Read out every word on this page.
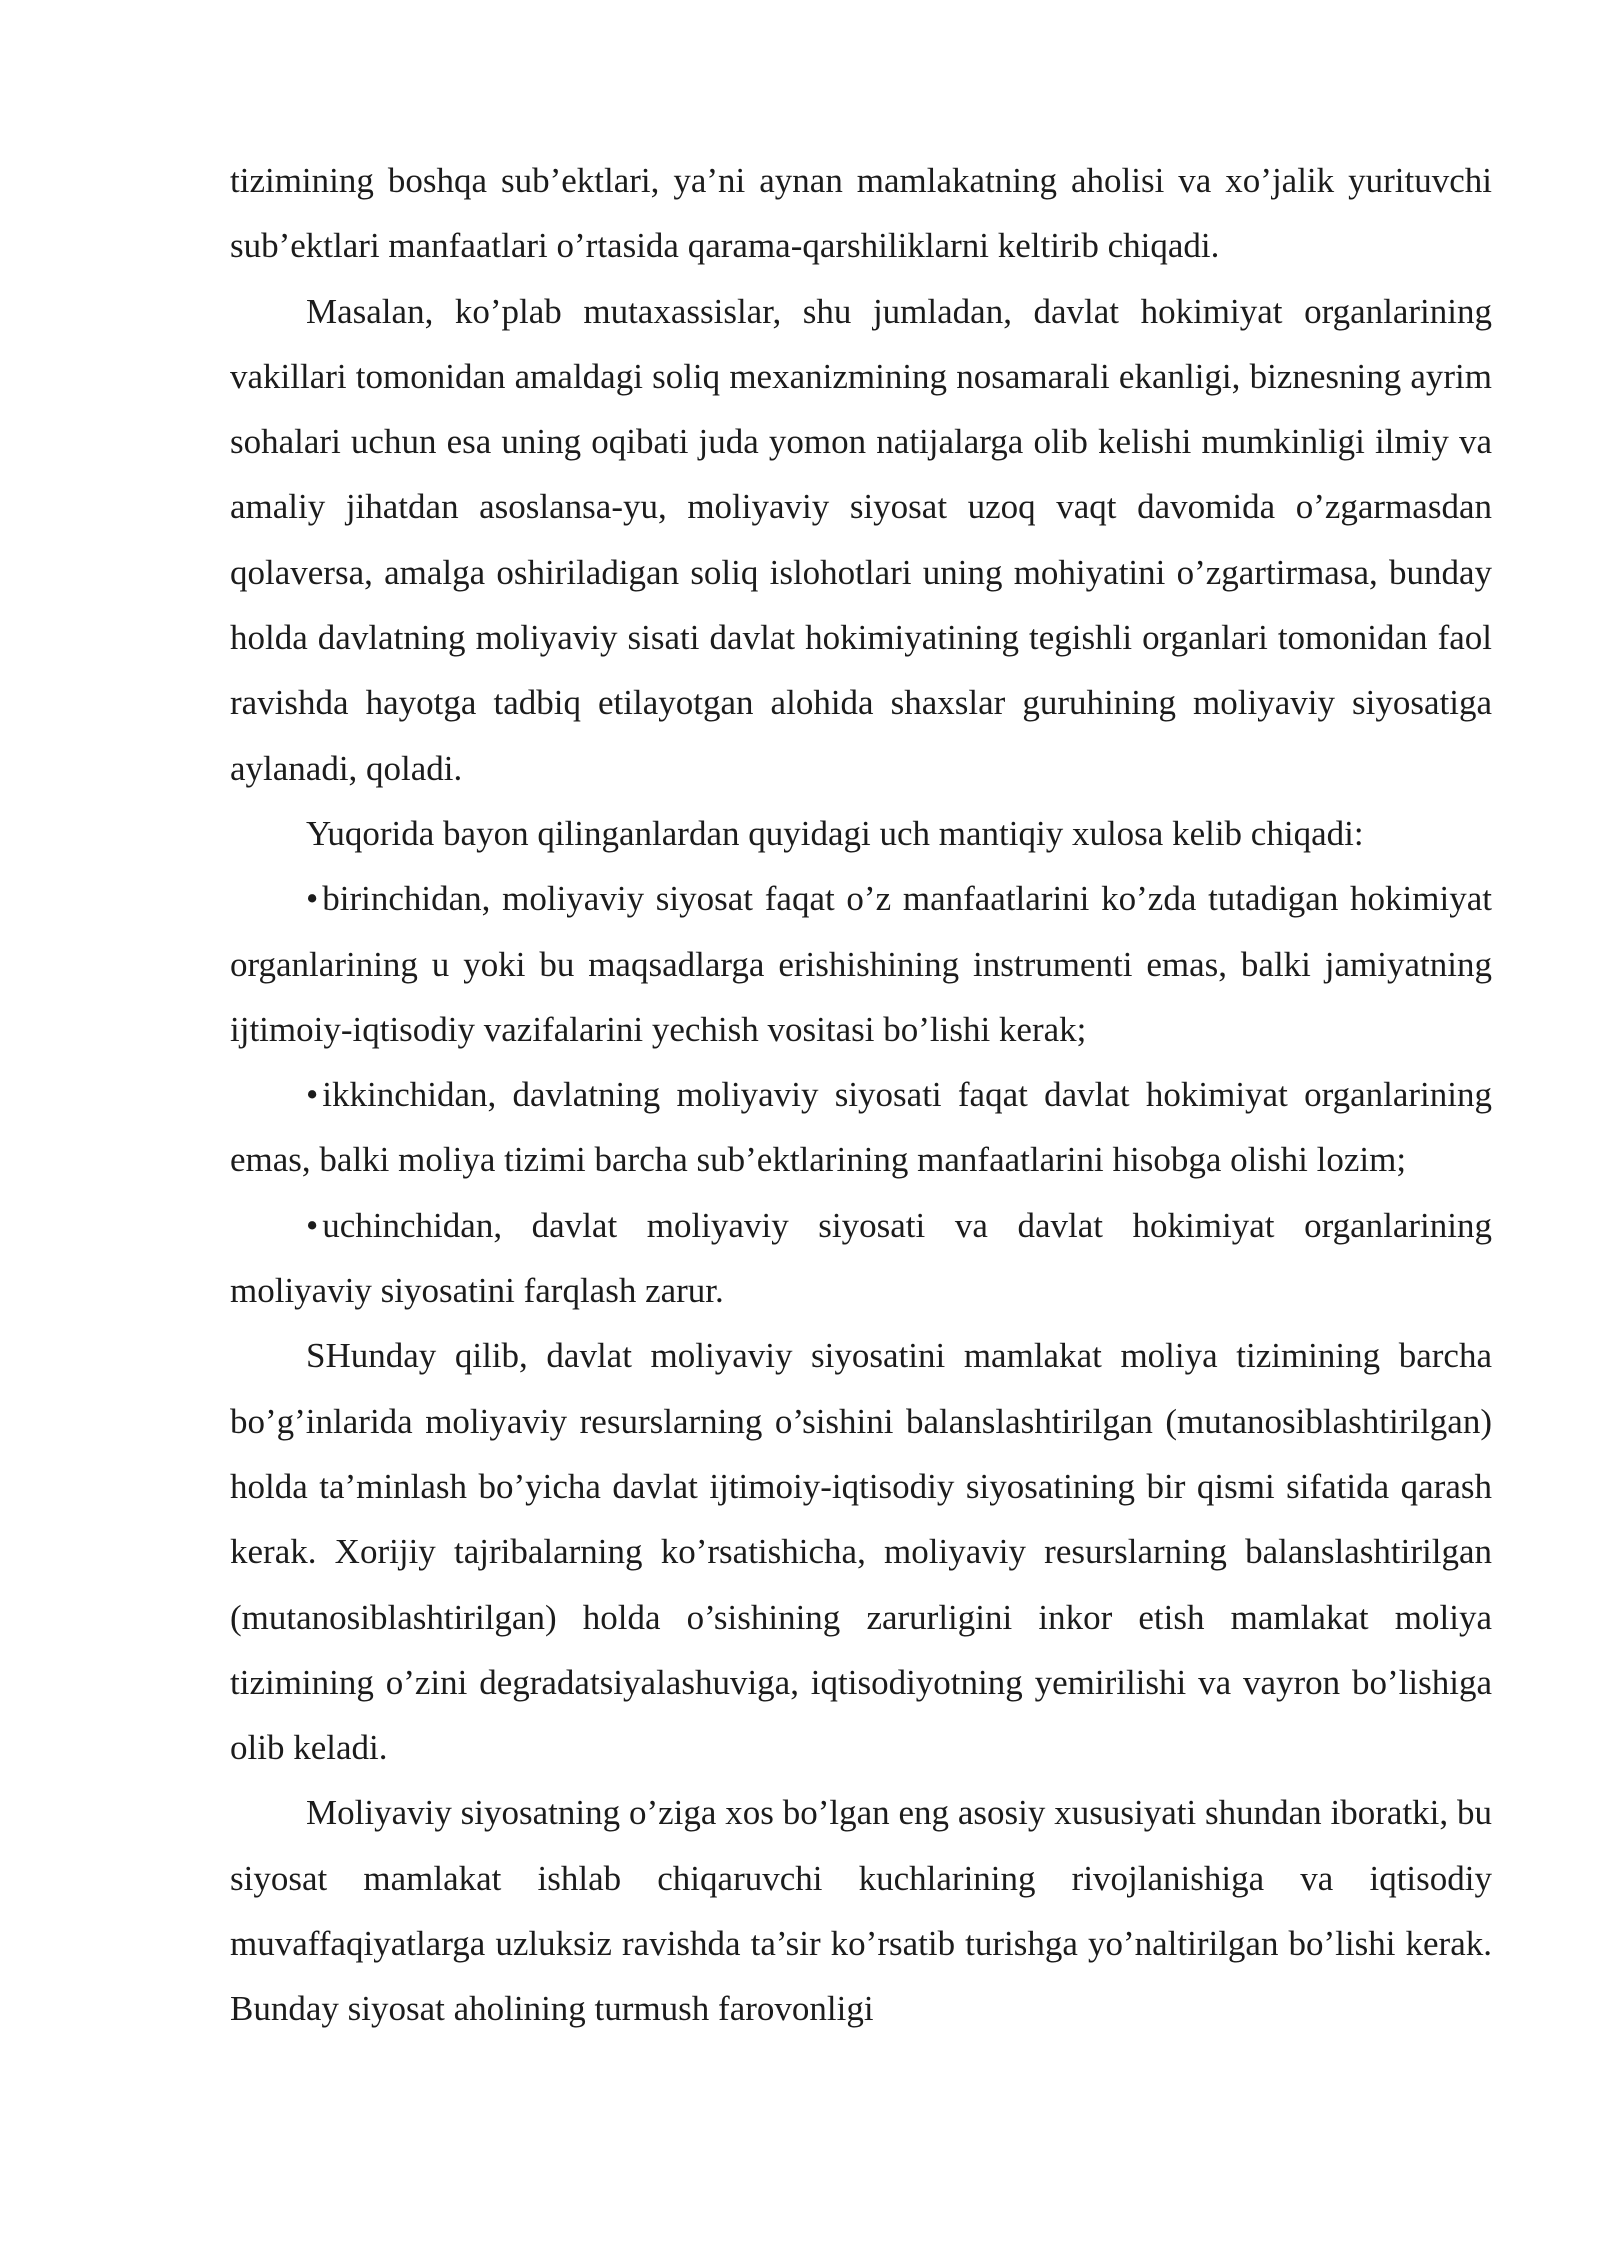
tizimining boshqa sub’ektlari, ya’ni aynan mamlakatning aholisi va xo’jalik yurituvchi sub’ektlari manfaatlari o’rtasida qarama-qarshiliklarni keltirib chiqadi.

Masalan, ko’plab mutaxassislar, shu jumladan, davlat hokimiyat organlarining vakillari tomonidan amaldagi soliq mexanizmining nosamarali ekanligi, biznesning ayrim sohalari uchun esa uning oqibati juda yomon natijalarga olib kelishi mumkinligi ilmiy va amaliy jihatdan asoslansa-yu, moliyaviy siyosat uzoq vaqt davomida o’zgarmasdan qolaversa, amalga oshiriladigan soliq islohotlari uning mohiyatini o’zgartirmasa, bunday holda davlatning moliyaviy sisati davlat hokimiyatining tegishli organlari tomonidan faol ravishda hayotga tadbiq etilayotgan alohida shaxslar guruhining moliyaviy siyosatiga aylanadi, qoladi.

Yuqorida bayon qilinganlardan quyidagi uch mantiqiy xulosa kelib chiqadi:

• birinchidan, moliyaviy siyosat faqat o’z manfaatlarini ko’zda tutadigan hokimiyat organlarining u yoki bu maqsadlarga erishishining instrumenti emas, balki jamiyatning ijtimoiy-iqtisodiy vazifalarini yechish vositasi bo’lishi kerak;

• ikkinchidan, davlatning moliyaviy siyosati faqat davlat hokimiyat organlarining emas, balki moliya tizimi barcha sub’ektlarining manfaatlarini hisobga olishi lozim;

• uchinchidan, davlat moliyaviy siyosati va davlat hokimiyat organlarining moliyaviy siyosatini farqlash zarur.

SHunday qilib, davlat moliyaviy siyosatini mamlakat moliya tizimining barcha bo’g’inlarida moliyaviy resurslarning o’sishini balanslashtirilgan (mutanosiblashtirilgan) holda ta’minlash bo’yicha davlat ijtimoiy-iqtisodiy siyosatining bir qismi sifatida qarash kerak. Xorijiy tajribalarning ko’rsatishicha, moliyaviy resurslarning balanslashtirilgan (mutanosiblashtirilgan) holda o’sishining zarurligini inkor etish mamlakat moliya tizimining o’zini degradatsiyalashuviga, iqtisodiyotning yemirilishi va vayron bo’lishiga olib keladi.

Moliyaviy siyosatning o’ziga xos bo’lgan eng asosiy xususiyati shundan iboratki, bu siyosat mamlakat ishlab chiqaruvchi kuchlarining rivojlanishiga va iqtisodiy muvaffaqiyatlarga uzluksiz ravishda ta’sir ko’rsatib turishga yo’naltirilgan bo’lishi kerak. Bunday siyosat aholining turmush farovonligi
